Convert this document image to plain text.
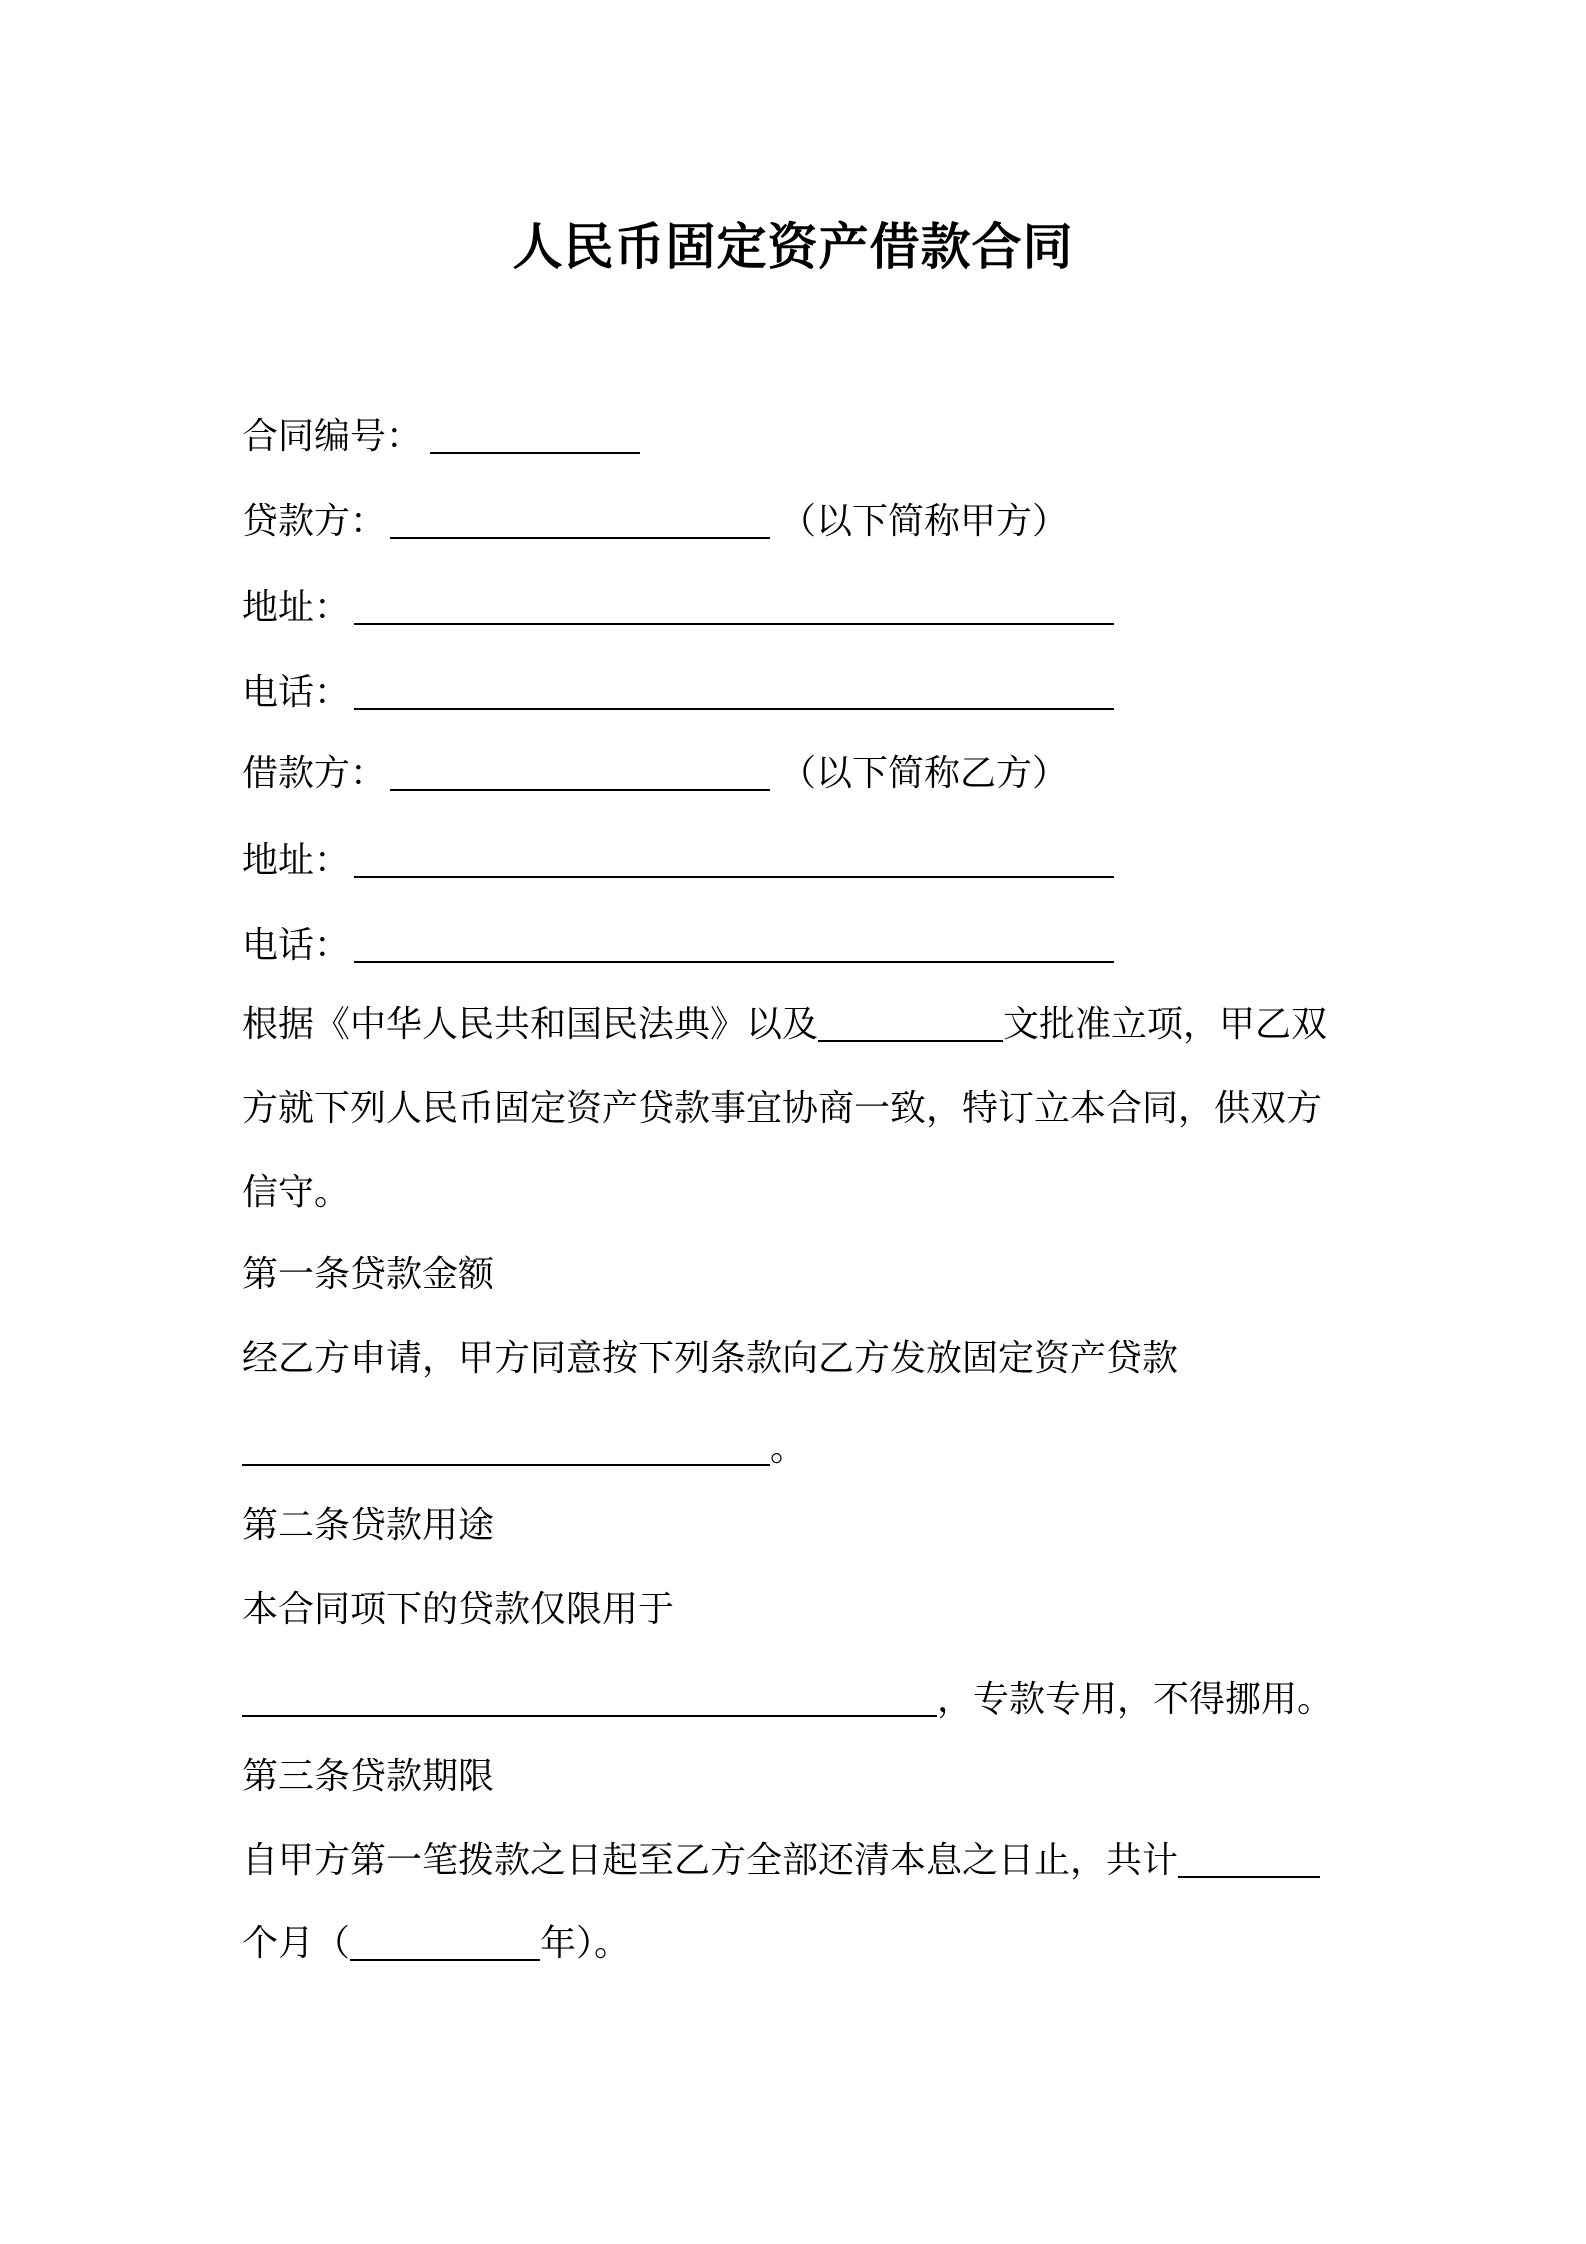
人民币固定资产借款合同
合同编号：
贷款方：	（以下简称甲方）
地址：
电话：
借款方：	（以下简称乙方）
地址：
电话：
根据《中华人民共和国民法典》以及	文批准立项，甲乙双
方就下列人民币固定资产贷款事宜协商一致，特订立本合同，供双方
信守。
第一条贷款金额
经乙方申请，甲方同意按下列条款向乙方发放固定资产贷款
。
第二条贷款用途
本合同项下的贷款仅限用于
，专款专用，不得挪用。
第三条贷款期限
自甲方第一笔拨款之日起至乙方全部还清本息之日止，共计
个月（	年）。
